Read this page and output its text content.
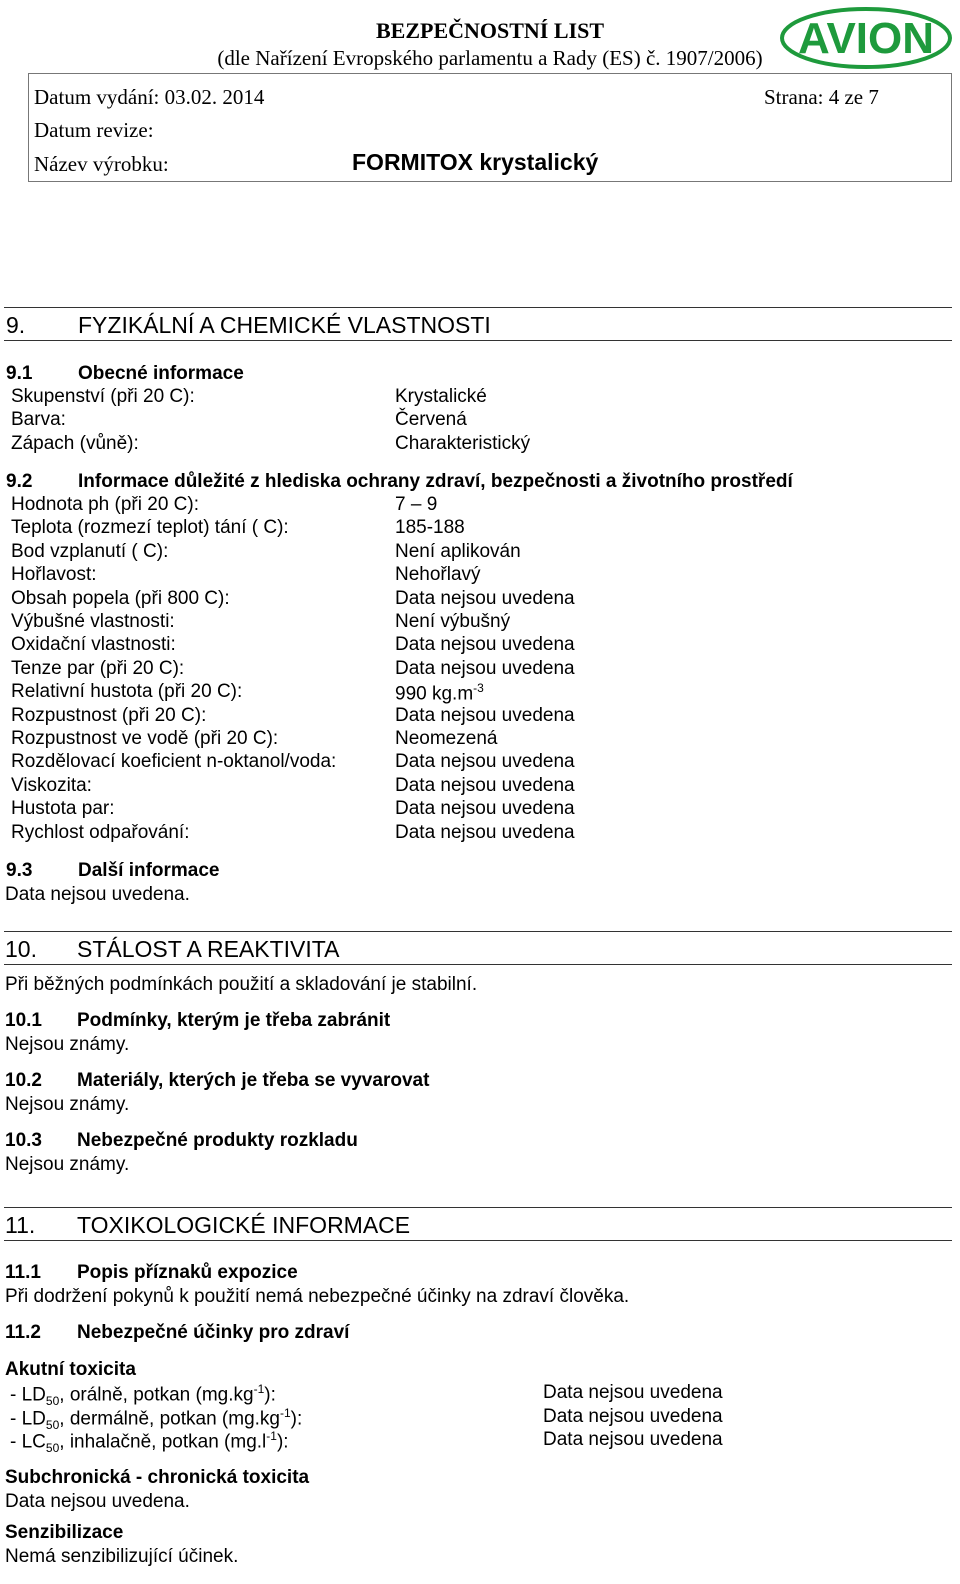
BEZPEČNOSTNÍ LIST
(dle Nařízení Evropského parlamentu a Rady (ES) č. 1907/2006) AVION
Datum vydání: 03.02. 2014	Strana: 4 ze 7
Datum revize:
Název výrobku:	FORMITOX krystalický
9. FYZIKÁLNÍ A CHEMICKÉ VLASTNOSTI
9.1 Obecné informace
Skupenství (při 20 C):	Krystalické
Barva:	Červená
Zápach (vůně):	Charakteristický
9.2 Informace důležité z hlediska ochrany zdraví, bezpečnosti a životního prostředí
Hodnota ph (při 20 C):	7 – 9
Teplota (rozmezí teplot) tání ( C):	185-188
Bod vzplanutí ( C):	Není aplikován
Hořlavost:	Nehořlavý
Obsah popela (při 800 C):	Data nejsou uvedena
Výbušné vlastnosti:	Není výbušný
Oxidační vlastnosti:	Data nejsou uvedena
Tenze par (při 20 C):	Data nejsou uvedena
Relativní hustota (při 20 C):	990 $kg.m^{-3}$
Rozpustnost (při 20 C):	Data nejsou uvedena
Rozpustnost ve vodě (při 20 C):	Neomezená
Rozdělovací koeficient n-oktanol/voda:	Data nejsou uvedena
Viskozita:	Data nejsou uvedena
Hustota par:	Data nejsou uvedena
Rychlost odpařování:	Data nejsou uvedena
9.3 Další informace
Data nejsou uvedena.
10. STÁLOST A REAKTIVITA
Při běžných podmínkách použití a skladování je stabilní.
10.1 Podmínky, kterým je třeba zabránit
Nejsou známy.
10.2 Materiály, kterých je třeba se vyvarovat
Nejsou známy.
10.3 Nebezpečné produkty rozkladu
Nejsou známy.
11. TOXIKOLOGICKÉ INFORMACE
11.1 Popis příznaků expozice
Při dodržení pokynů k použití nemá nebezpečné účinky na zdraví člověka.
11.2 Nebezpečné účinky pro zdraví
Akutní toxicita
- $LD_{50}$, orálně, potkan $(mg.kg^{-1})$:	Data nejsou uvedena
- $LD_{50}$, dermálně, potkan $(mg.kg^{-1})$:	Data nejsou uvedena
- $LC_{50}$, inhalačně, potkan $(mg.l^{-1})$:	Data nejsou uvedena
Subchronická - chronická toxicita
Data nejsou uvedena.
Senzibilizace
Nemá senzibilizující účinek.
